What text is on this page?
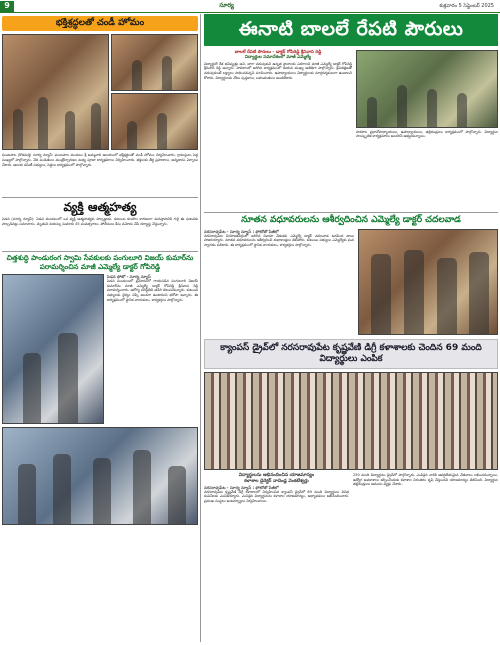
9	సూర్య	శుక్రవారం 5 సెప్టెంబర్ 2025
భక్తిశ్రద్ధలతో చండీ హోమం

ఘంటసాల (కొడమర్తి) సూర్య న్యూస్: ఘంటసాల మండలం శ్రీ అమ్మవారి ఆలయంలో భక్తిశ్రద్ధలతో చండీ హోమం నిర్వహించారు. గ్రామస్తులు పెద్ద సంఖ్యలో పాల్గొన్నారు. వేద పండితులు మంత్రోచ్ఛారణల మధ్య పూజా కార్యక్రమాలు నిర్వహించారు. భక్తులకు తీర్థ ప్రసాదాలు, అన్నదానం ఏర్పాటు చేశారు. ఆలయ కమిటీ సభ్యులు, పెద్దలు కార్యక్రమంలో పాల్గొన్నారు.

వ్యక్తి ఆత్మహత్య

పెడన (సూర్య న్యూస్): పెడన మండలంలో ఒక వ్యక్తి ఆత్మహత్యకు పాల్పడ్డాడు. కుటుంబ కలహాల కారణంగా మనస్తాపానికి గురై ఈ ఘటనకు పాల్పడినట్లు సమాచారం. మృతుని వయస్సు సుమారు 45 సంవత్సరాలు. పోలీసులు కేసు నమోదు చేసి దర్యాప్తు చేస్తున్నారు.

చిత్తశుద్ధి పాండురంగ స్వామి సేవకులకు పంగులూరి విజయ్ కుమార్‌ను పరామర్శించిన మాజీ ఎమ్మెల్యే డాక్టర్ గోపిరెడ్డి
పెడన ఫోటో - సూర్య న్యూస్

పెడన మండలంలో ప్రమాదంలో గాయపడిన పంగులూరి విజయ్ కుమార్‌ను మాజీ ఎమ్మెల్యే డాక్టర్ గోపిరెడ్డి శ్రీనివాస రెడ్డి పరామర్శించారు. ఆరోగ్య పరిస్థితిని అడిగి తెలుసుకున్నారు. కుటుంబ సభ్యులకు ధైర్యం చెప్పి అండగా ఉంటామని భరోసా ఇచ్చారు. ఈ కార్యక్రమంలో స్థానిక నాయకులు, కార్యకర్తలు పాల్గొన్నారు.

ఈనాటి బాలలే రేపటి పౌరులు
బాలలే రేపటి పౌరులు - డాక్టర్ గోపిరెడ్డి శ్రీనివాస రెడ్డి
విద్యార్థుల సమావేశంలో మాజీ ఎమ్మెల్యే

విద్యార్థులే దేశ భవిష్యత్తు అని, బాగా చదువుకుని ఉన్నత స్థానాలకు ఎదగాలని మాజీ ఎమ్మెల్యే డాక్టర్ గోపిరెడ్డి శ్రీనివాస రెడ్డి అన్నారు. పాఠశాలలో జరిగిన కార్యక్రమంలో ఆయన ముఖ్య అతిథిగా పాల్గొన్నారు. క్రమశిక్షణతో చదువుకుంటే లక్ష్యాలు సాధించవచ్చని సూచించారు. ఉపాధ్యాయులు విద్యార్థులకు మార్గదర్శకులుగా ఉండాలని కోరారు. విద్యార్థులకు నోటు పుస్తకాలు, బహుమతులు అందజేశారు.

పాఠశాల ప్రధానోపాధ్యాయులు, ఉపాధ్యాయులు, తల్లిదండ్రులు కార్యక్రమంలో పాల్గొన్నారు. విద్యార్థుల సాంస్కృతిక కార్యక్రమాలు అందరినీ ఆకట్టుకున్నాయి.

నూతన వధూవరులను ఆశీర్వదించిన ఎమ్మెల్యే డాక్టర్ చదలవాడ
నరసరావుపేట - సూర్య న్యూస్ : ఫోటోతో పేజీలో

నరసరావుపేట నియోజకవర్గంలో జరిగిన వివాహ వేడుకకు ఎమ్మెల్యే డాక్టర్ చదలవాడ అరవింద బాబు హాజరయ్యారు. నూతన వధూవరులను ఆశీర్వదించి శుభాకాంక్షలు తెలిపారు. కుటుంబ సభ్యులు ఎమ్మెల్యేకు ఘన స్వాగతం పలికారు. ఈ కార్యక్రమంలో స్థానిక నాయకులు, కార్యకర్తలు పాల్గొన్నారు.

క్యాంపస్ డ్రైవ్‌లో నరసరావుపేట కృష్ణవేణి డిగ్రీ కళాశాలకు చెందిన 69 మంది విద్యార్థులు ఎంపిక
విద్యార్థులను అభినందించిన యాజమాన్యం
కళాశాల డైరెక్టర్ నాదెండ్ల వెంకటేశ్వర్లు
నరసరావుపేట - సూర్య న్యూస్ : ఫోటోతో పేజీలో

నరసరావుపేట కృష్ణవేణి డిగ్రీ కళాశాలలో నిర్వహించిన క్యాంపస్ డ్రైవ్‌లో 69 మంది విద్యార్థులు వివిధ కంపెనీలకు ఎంపికయ్యారు. ఎంపికైన విద్యార్థులను కళాశాల యాజమాన్యం, అధ్యాపకులు అభినందించారు. ప్రముఖ సంస్థలు ఇంటర్వ్యూలు నిర్వహించాయి.

250 మంది విద్యార్థులు డ్రైవ్‌లో పాల్గొన్నారు. ఎంపికైన వారికి ఆకర్షణీయమైన వేతనాలు లభించనున్నాయి. ఉద్యోగ అవకాశాలు కల్పించేందుకు కళాశాల నిరంతరం కృషి చేస్తుందని యాజమాన్యం తెలిపింది. విద్యార్థుల తల్లిదండ్రులు ఆనందం వ్యక్తం చేశారు.
